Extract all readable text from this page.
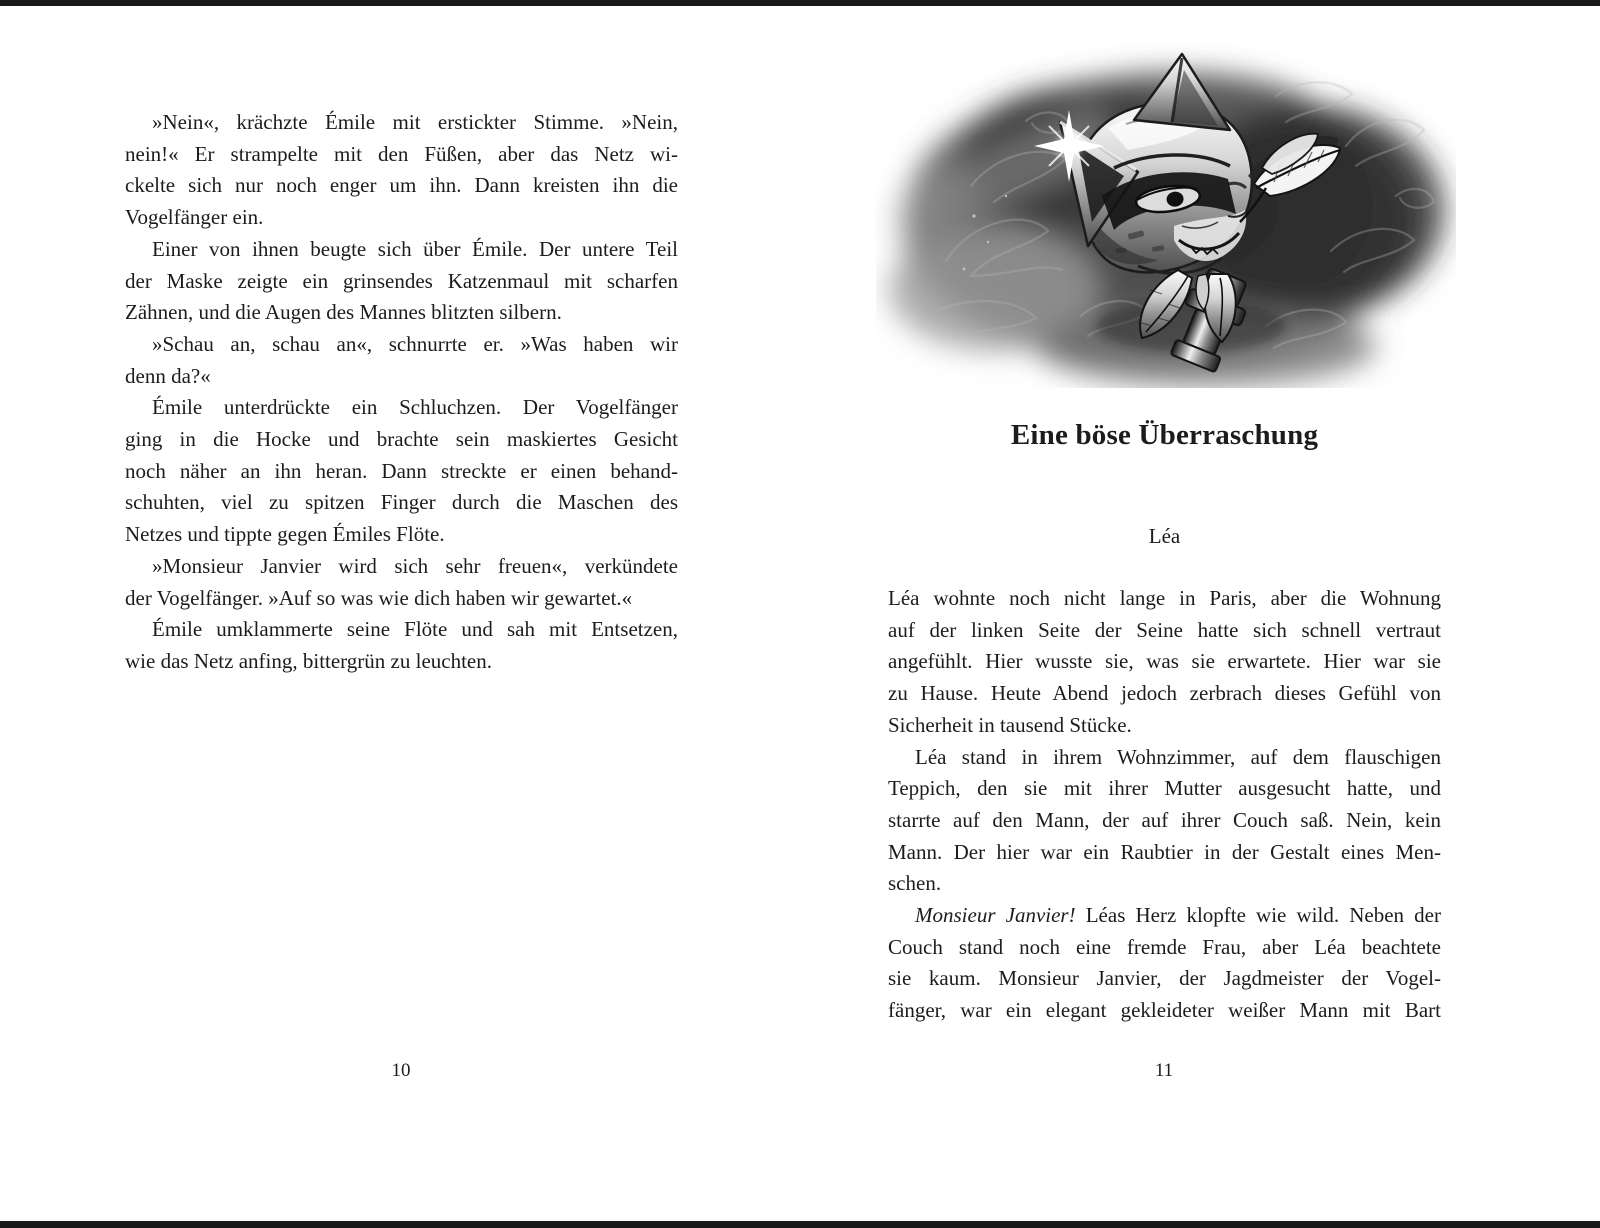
»Nein«, krächzte Émile mit erstickter Stimme. »Nein,
nein!« Er strampelte mit den Füßen, aber das Netz wi-
ckelte sich nur noch enger um ihn. Dann kreisten ihn die
Vogelfänger ein.
Einer von ihnen beugte sich über Émile. Der untere Teil
der Maske zeigte ein grinsendes Katzenmaul mit scharfen
Zähnen, und die Augen des Mannes blitzten silbern.
»Schau an, schau an«, schnurrte er. »Was haben wir
denn da?«
Émile unterdrückte ein Schluchzen. Der Vogelfänger
ging in die Hocke und brachte sein maskiertes Gesicht
noch näher an ihn heran. Dann streckte er einen behand-
schuhten, viel zu spitzen Finger durch die Maschen des
Netzes und tippte gegen Émiles Flöte.
»Monsieur Janvier wird sich sehr freuen«, verkündete
der Vogelfänger. »Auf so was wie dich haben wir gewartet.«
Émile umklammerte seine Flöte und sah mit Entsetzen,
wie das Netz anfing, bittergrün zu leuchten.
10
Eine böse Überraschung
Léa
Léa wohnte noch nicht lange in Paris, aber die Wohnung
auf der linken Seite der Seine hatte sich schnell vertraut
angefühlt. Hier wusste sie, was sie erwartete. Hier war sie
zu Hause. Heute Abend jedoch zerbrach dieses Gefühl von
Sicherheit in tausend Stücke.
Léa stand in ihrem Wohnzimmer, auf dem flauschigen
Teppich, den sie mit ihrer Mutter ausgesucht hatte, und
starrte auf den Mann, der auf ihrer Couch saß. Nein, kein
Mann. Der hier war ein Raubtier in der Gestalt eines Men-
schen.
Monsieur Janvier! Léas Herz klopfte wie wild. Neben der
Couch stand noch eine fremde Frau, aber Léa beachtete
sie kaum. Monsieur Janvier, der Jagdmeister der Vogel-
fänger, war ein elegant gekleideter weißer Mann mit Bart
11
